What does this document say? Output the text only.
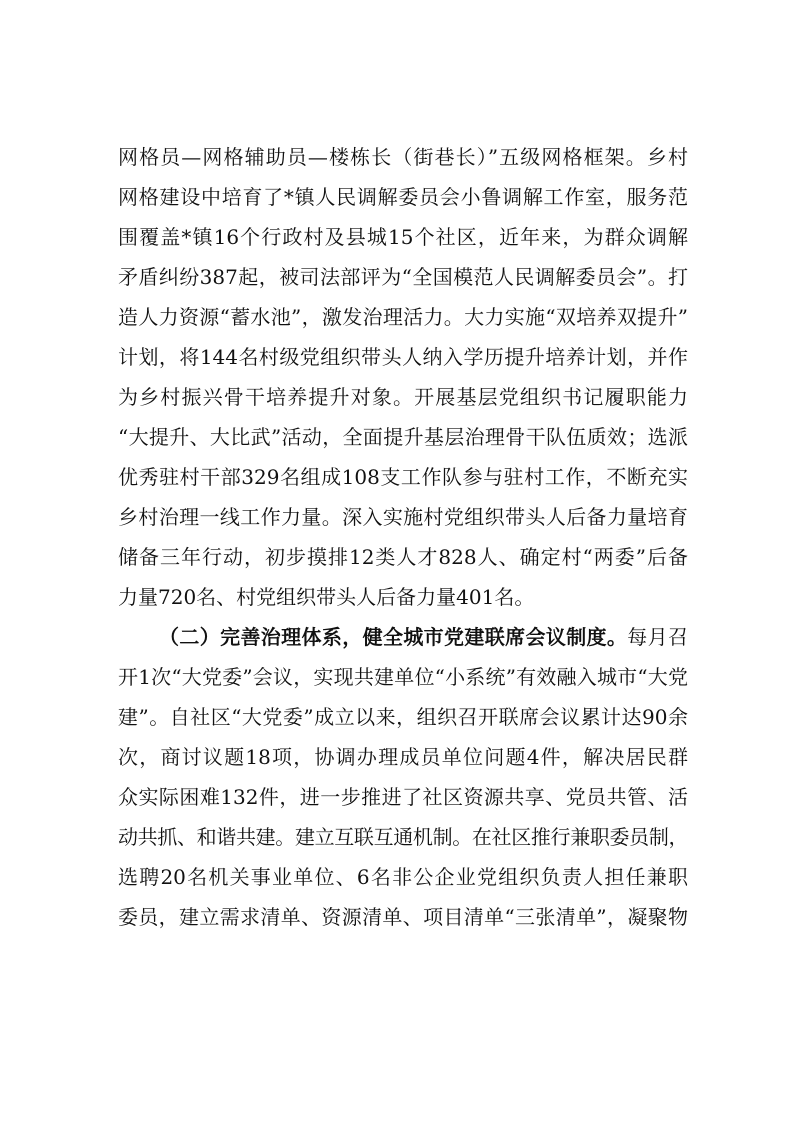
网格员—网格辅助员—楼栋长（街巷长）”五级网格框架。乡村
网格建设中培育了*镇人民调解委员会小鲁调解工作室，服务范
围覆盖*镇16个行政村及县城15个社区，近年来，为群众调解
矛盾纠纷387起，被司法部评为“全国模范人民调解委员会”。打
造人力资源“蓄水池”，激发治理活力。大力实施“双培养双提升”
计划，将144名村级党组织带头人纳入学历提升培养计划，并作
为乡村振兴骨干培养提升对象。开展基层党组织书记履职能力
“大提升、大比武”活动，全面提升基层治理骨干队伍质效；选派
优秀驻村干部329名组成108支工作队参与驻村工作，不断充实
乡村治理一线工作力量。深入实施村党组织带头人后备力量培育
储备三年行动，初步摸排12类人才828人、确定村“两委”后备
力量720名、村党组织带头人后备力量401名。
（二）完善治理体系，健全城市党建联席会议制度。每月召
开1次“大党委”会议，实现共建单位“小系统”有效融入城市“大党
建”。自社区“大党委”成立以来，组织召开联席会议累计达90余
次，商讨议题18项，协调办理成员单位问题4件，解决居民群
众实际困难132件，进一步推进了社区资源共享、党员共管、活
动共抓、和谐共建。建立互联互通机制。在社区推行兼职委员制，
选聘20名机关事业单位、6名非公企业党组织负责人担任兼职
委员，建立需求清单、资源清单、项目清单“三张清单”，凝聚物
